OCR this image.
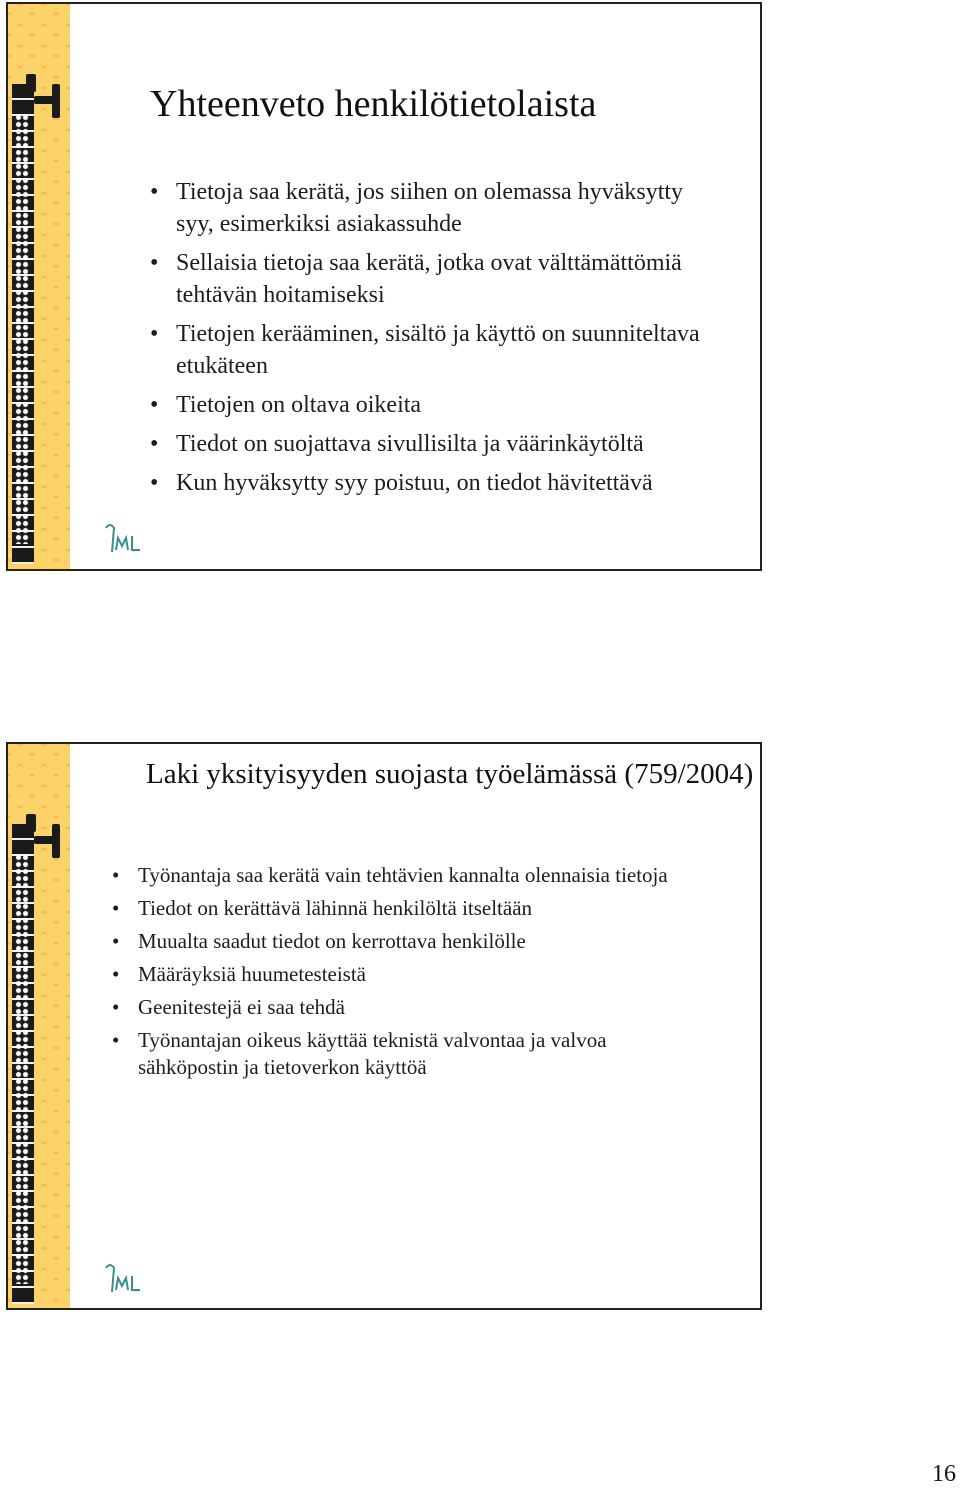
Yhteenveto henkilötietolaista
• Tietoja saa kerätä, jos siihen on olemassa hyväksytty syy, esimerkiksi asiakassuhde
• Sellaisia tietoja saa kerätä, jotka ovat välttämättömiä tehtävän hoitamiseksi
• Tietojen kerääminen, sisältö ja käyttö on suunniteltava etukäteen
• Tietojen on oltava oikeita
• Tiedot on suojattava sivullisilta ja väärinkäytöltä
• Kun hyväksytty syy poistuu, on tiedot hävitettävä
Laki yksityisyyden suojasta työelämässä (759/2004)
• Työnantaja saa kerätä vain tehtävien kannalta olennaisia tietoja
• Tiedot on kerättävä lähinnä henkilöltä itseltään
• Muualta saadut tiedot on kerrottava henkilölle
• Määräyksiä huumetesteistä
• Geenitestejä ei saa tehdä
• Työnantajan oikeus käyttää teknistä valvontaa ja valvoa sähköpostin ja tietoverkon käyttöä
16
